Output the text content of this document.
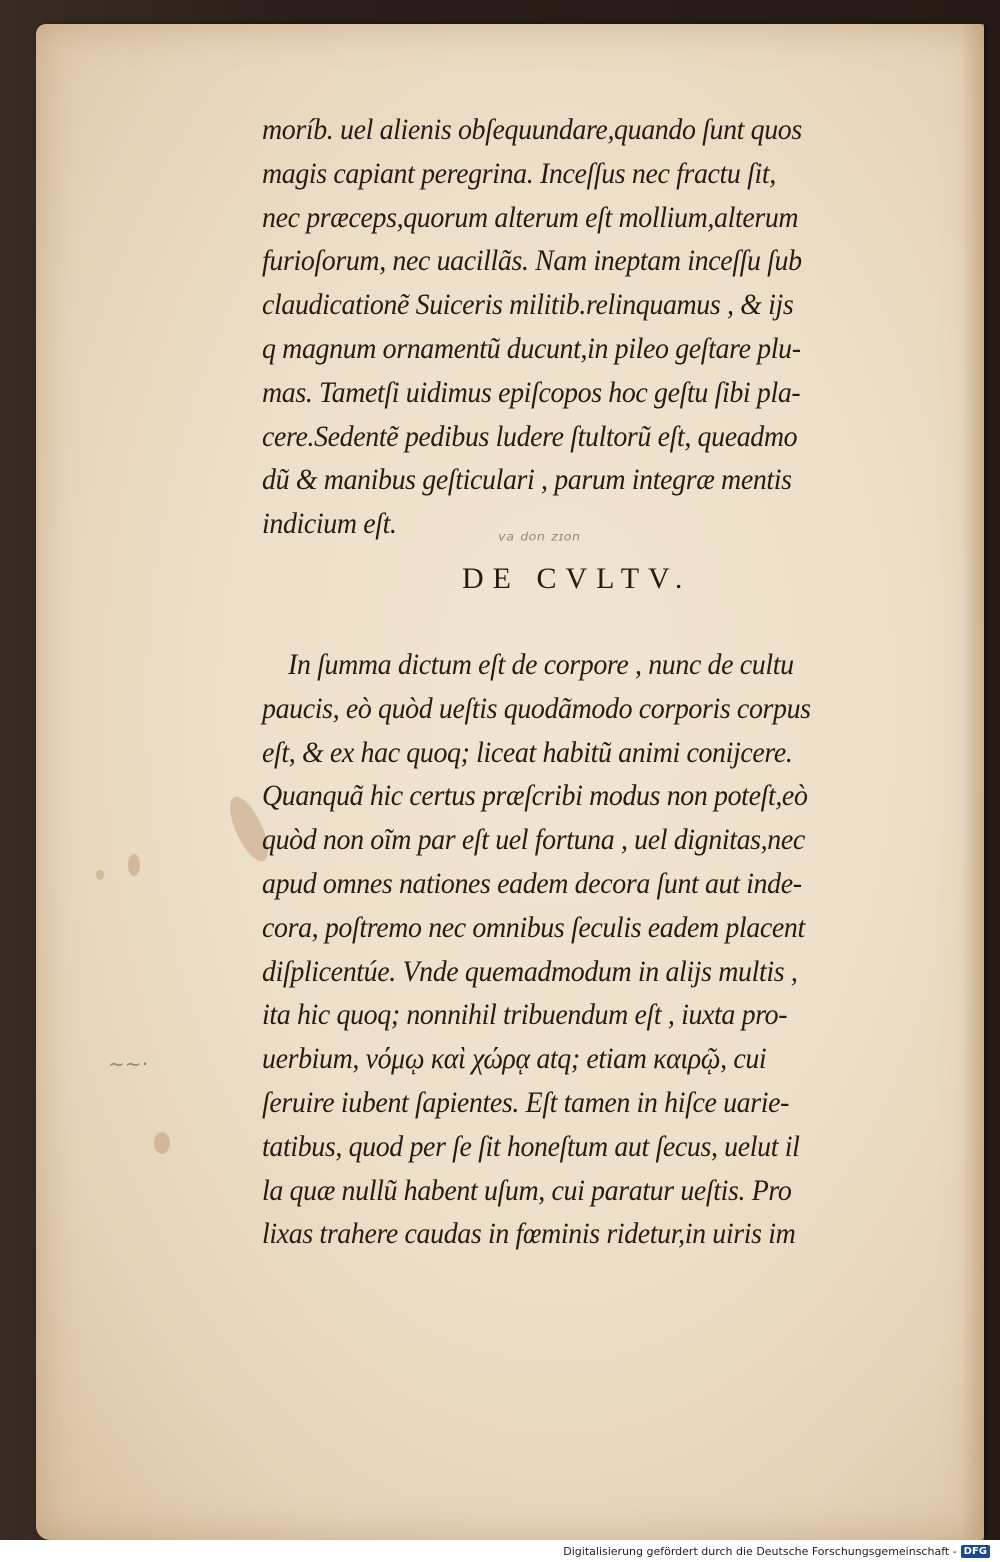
moríb. uel alienis obſequundare,quando ſunt quos
magis capiant peregrina. Inceſſus nec fractu ſit,
nec præceps,quorum alterum eſt mollium,alterum
furioſorum, nec uacillãs. Nam ineptam inceſſu ſub
claudicationẽ Suiceris militib.relinquamus , & ijs
q magnum ornamentũ ducunt,in pileo geſtare plu-
mas. Tametſi uidimus epiſcopos hoc geſtu ſibi pla-
cere.Sedentẽ pedibus ludere ſtultorũ eſt, queadmo
dũ & manibus geſticulari , parum integræ mentis
indicium eſt.	ᵛᵃ ᵈᵒⁿ ᶻᶦᵒⁿ
DE CVLTV.
In ſumma dictum eſt de corpore , nunc de cultu
paucis, eò quòd ueſtis quodãmodo corporis corpus
eſt, & ex hac quoq; liceat habitũ animi conijcere.
Quanquã hic certus præſcribi modus non poteſt,eò
quòd non oĩm par eſt uel fortuna , uel dignitas,nec
apud omnes nationes eadem decora ſunt aut inde-
cora, poſtremo nec omnibus ſeculis eadem placent
diſplicentúe. Vnde quemadmodum in alijs multis ,
ita hic quoq; nonnihil tribuendum eſt , iuxta pro-
uerbium, νόμῳ καὶ χώρᾳ atq; etiam καιρῷ, cui
ſeruire iubent ſapientes. Eſt tamen in hiſce uarie-
tatibus, quod per ſe ſit honeſtum aut ſecus, uelut il
la quæ nullũ habent uſum, cui paratur ueſtis. Pro
lixas trahere caudas in fœminis ridetur,in uiris im
~~·
Digitalisierung gefördert durch die Deutsche Forschungsgemeinschaft - DFG
